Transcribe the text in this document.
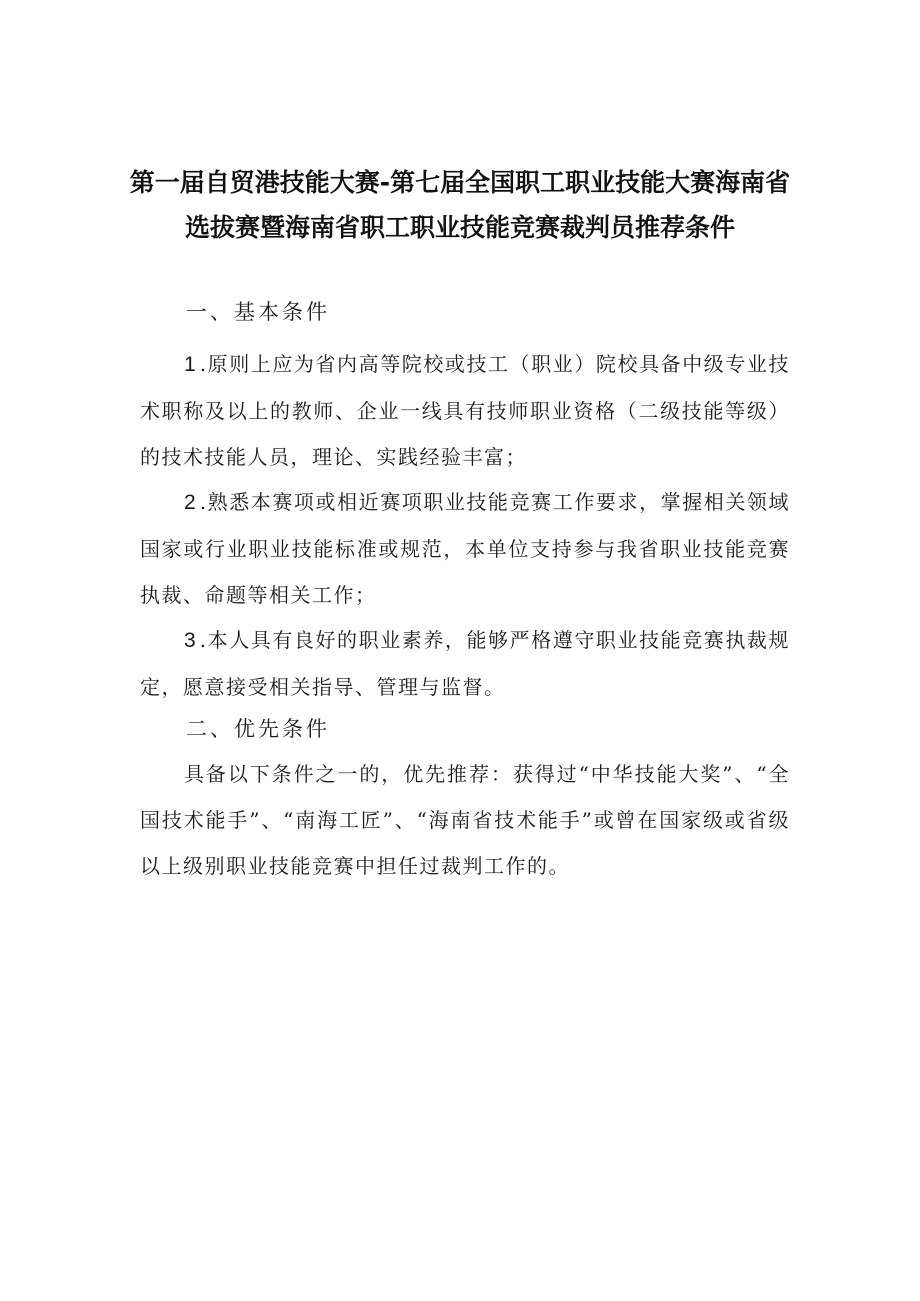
第一届自贸港技能大赛-第七届全国职工职业技能大赛海南省
选拔赛暨海南省职工职业技能竞赛裁判员推荐条件
一、基本条件

1.原则上应为省内高等院校或技工（职业）院校具备中级专业技术职称及以上的教师、企业一线具有技师职业资格（二级技能等级）的技术技能人员，理论、实践经验丰富；

2.熟悉本赛项或相近赛项职业技能竞赛工作要求，掌握相关领域国家或行业职业技能标准或规范，本单位支持参与我省职业技能竞赛执裁、命题等相关工作；

3.本人具有良好的职业素养，能够严格遵守职业技能竞赛执裁规定，愿意接受相关指导、管理与监督。

二、优先条件

具备以下条件之一的，优先推荐：获得过“中华技能大奖”、“全国技术能手”、“南海工匠”、“海南省技术能手”或曾在国家级或省级以上级别职业技能竞赛中担任过裁判工作的。
